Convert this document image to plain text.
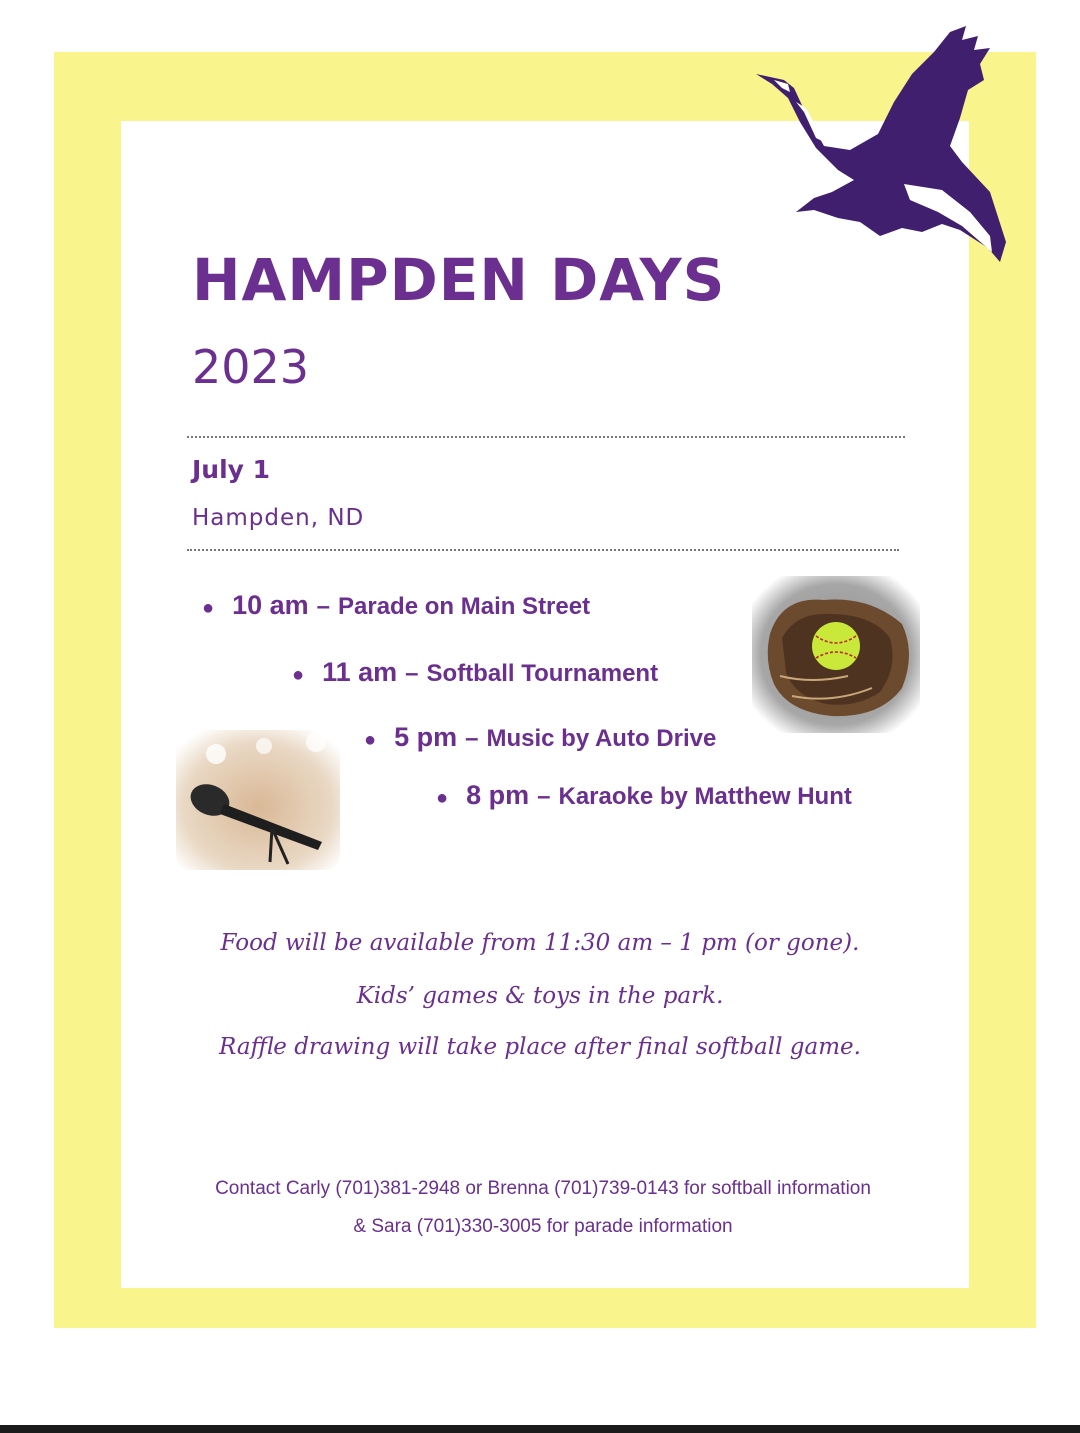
HAMPDEN DAYS
2023
July 1
Hampden, ND
● 10 am – Parade on Main Street
● 11 am – Softball Tournament
● 5 pm – Music by Auto Drive
● 8 pm – Karaoke by Matthew Hunt
Food will be available from 11:30 am – 1 pm (or gone).
Kids’ games & toys in the park.
Raffle drawing will take place after final softball game.
Contact Carly (701)381-2948 or Brenna (701)739-0143 for softball information
& Sara (701)330-3005 for parade information
